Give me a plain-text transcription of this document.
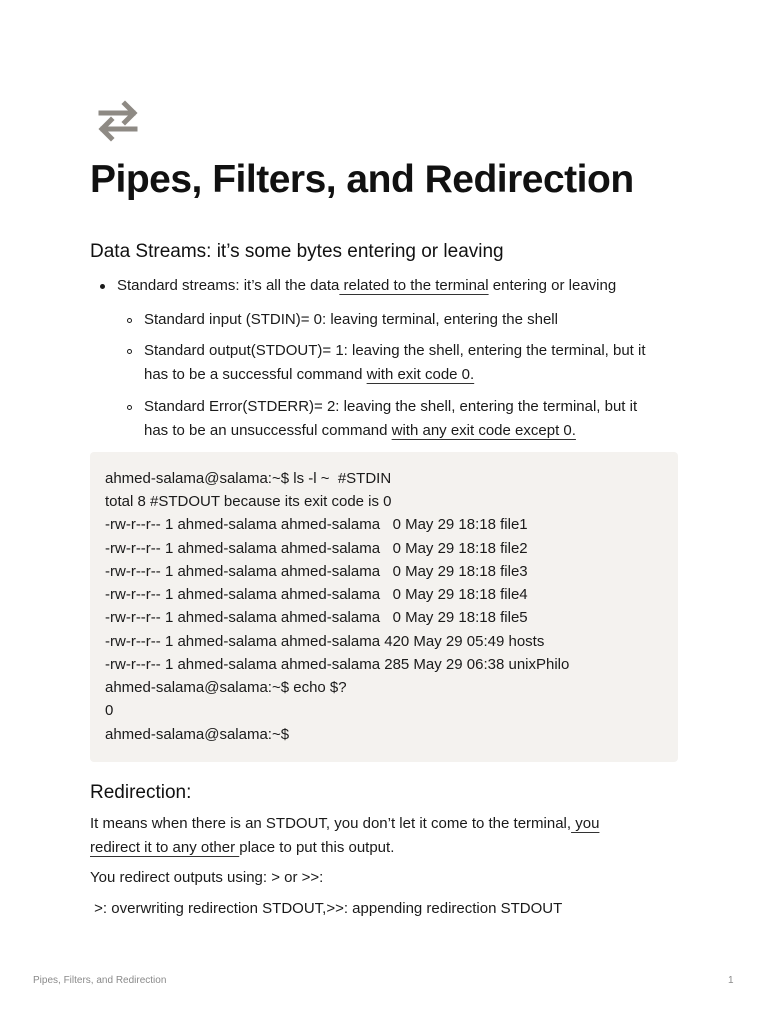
Pipes, Filters, and Redirection
Data Streams: it’s some bytes entering or leaving
Standard streams: it’s all the data related to the terminal entering or leaving
Standard input (STDIN)= 0: leaving terminal, entering the shell
Standard output(STDOUT)= 1: leaving the shell, entering the terminal, but it
has to be a successful command with exit code 0.
Standard Error(STDERR)= 2: leaving the shell, entering the terminal, but it
has to be an unsuccessful command with any exit code except 0.
ahmed-salama@salama:~$ ls -l ~  #STDIN
total 8 #STDOUT because its exit code is 0
-rw-r--r-- 1 ahmed-salama ahmed-salama   0 May 29 18:18 file1
-rw-r--r-- 1 ahmed-salama ahmed-salama   0 May 29 18:18 file2
-rw-r--r-- 1 ahmed-salama ahmed-salama   0 May 29 18:18 file3
-rw-r--r-- 1 ahmed-salama ahmed-salama   0 May 29 18:18 file4
-rw-r--r-- 1 ahmed-salama ahmed-salama   0 May 29 18:18 file5
-rw-r--r-- 1 ahmed-salama ahmed-salama 420 May 29 05:49 hosts
-rw-r--r-- 1 ahmed-salama ahmed-salama 285 May 29 06:38 unixPhilo
ahmed-salama@salama:~$ echo $?
0
ahmed-salama@salama:~$
Redirection:
It means when there is an STDOUT, you don’t let it come to the terminal, you
redirect it to any other place to put this output.
You redirect outputs using: > or >>:
>: overwriting redirection STDOUT,>>: appending redirection STDOUT
Pipes, Filters, and Redirection	1
